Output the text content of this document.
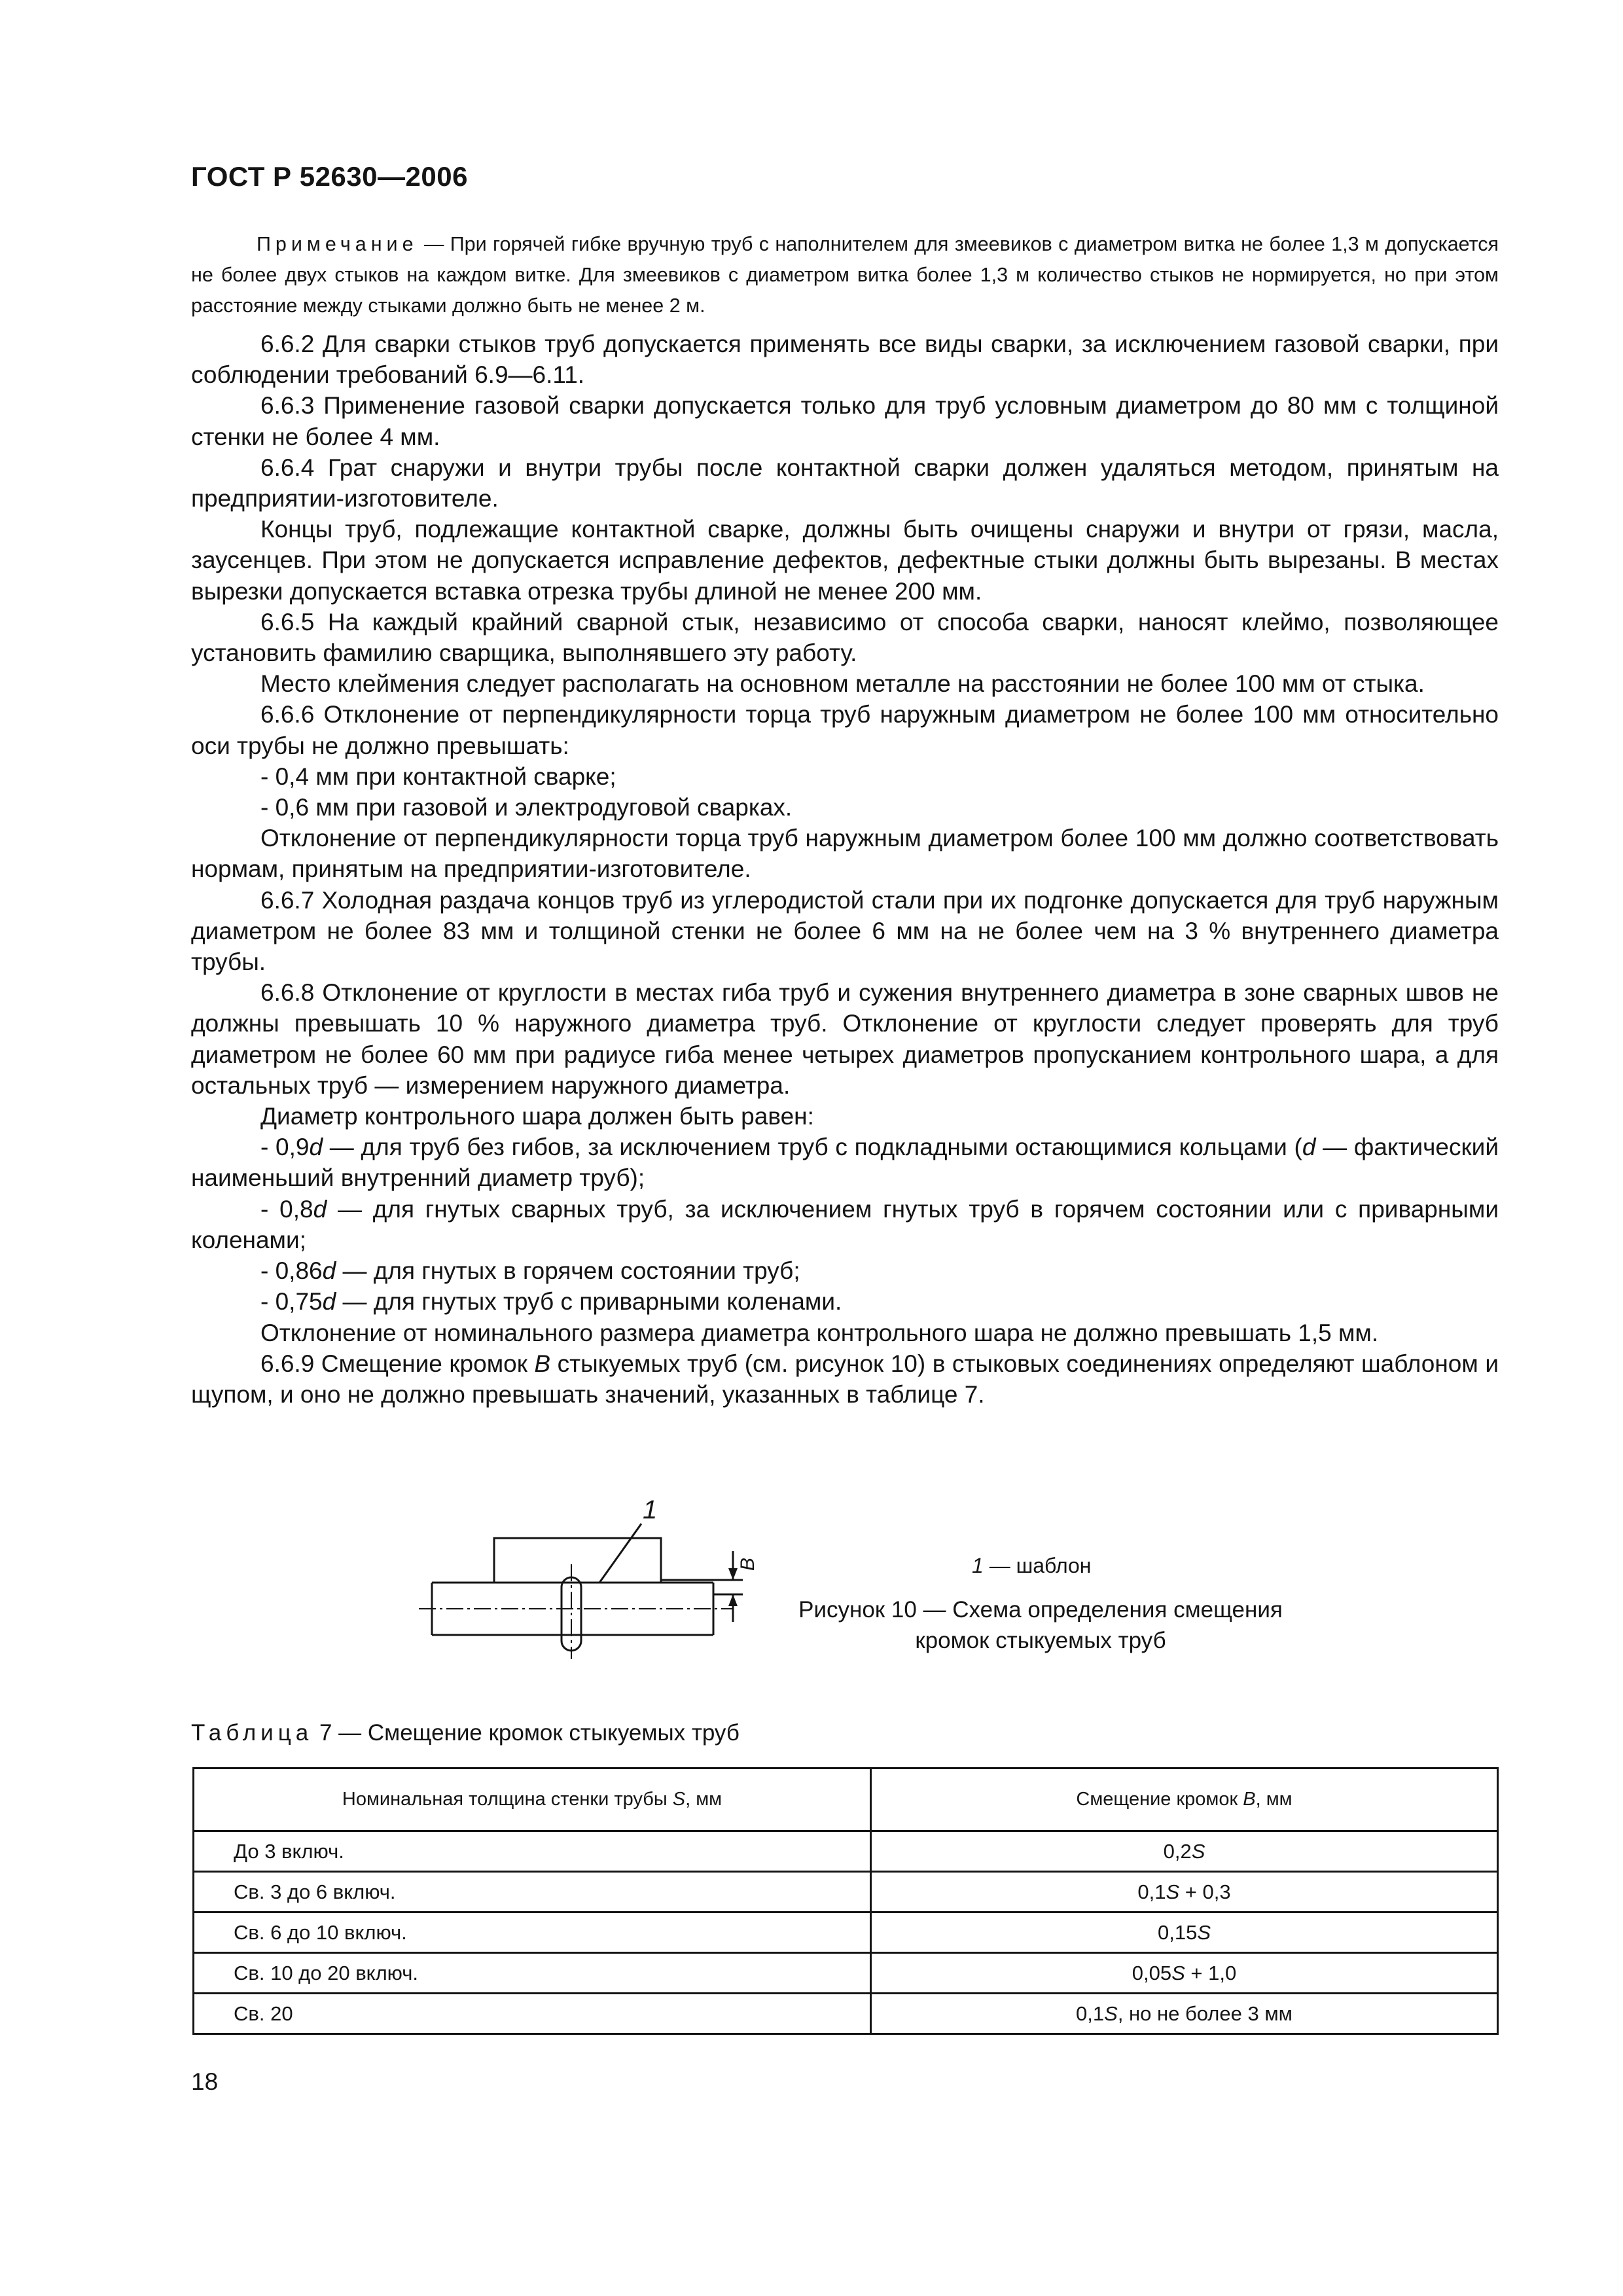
ГОСТ Р 52630—2006

Примечание — При горячей гибке вручную труб с наполнителем для змеевиков с диаметром витка не более 1,3 м допускается не более двух стыков на каждом витке. Для змеевиков с диаметром витка более 1,3 м количество стыков не нормируется, но при этом расстояние между стыками должно быть не менее 2 м.

6.6.2 Для сварки стыков труб допускается применять все виды сварки, за исключением газовой сварки, при соблюдении требований 6.9—6.11.

6.6.3 Применение газовой сварки допускается только для труб условным диаметром до 80 мм с толщиной стенки не более 4 мм.

6.6.4 Грат снаружи и внутри трубы после контактной сварки должен удаляться методом, принятым на предприятии-изготовителе.

Концы труб, подлежащие контактной сварке, должны быть очищены снаружи и внутри от грязи, масла, заусенцев. При этом не допускается исправление дефектов, дефектные стыки должны быть вырезаны. В местах вырезки допускается вставка отрезка трубы длиной не менее 200 мм.

6.6.5 На каждый крайний сварной стык, независимо от способа сварки, наносят клеймо, позволяющее установить фамилию сварщика, выполнявшего эту работу.

Место клеймения следует располагать на основном металле на расстоянии не более 100 мм от стыка.

6.6.6 Отклонение от перпендикулярности торца труб наружным диаметром не более 100 мм относительно оси трубы не должно превышать:

- 0,4 мм при контактной сварке;

- 0,6 мм при газовой и электродуговой сварках.

Отклонение от перпендикулярности торца труб наружным диаметром более 100 мм должно соответствовать нормам, принятым на предприятии-изготовителе.

6.6.7 Холодная раздача концов труб из углеродистой стали при их подгонке допускается для труб наружным диаметром не более 83 мм и толщиной стенки не более 6 мм на не более чем на 3 % внутреннего диаметра трубы.

6.6.8 Отклонение от круглости в местах гиба труб и сужения внутреннего диаметра в зоне сварных швов не должны превышать 10 % наружного диаметра труб. Отклонение от круглости следует проверять для труб диаметром не более 60 мм при радиусе гиба менее четырех диаметров пропусканием контрольного шара, а для остальных труб — измерением наружного диаметра.

Диаметр контрольного шара должен быть равен:

- 0,9d — для труб без гибов, за исключением труб с подкладными остающимися кольцами (d — фактический наименьший внутренний диаметр труб);

- 0,8d — для гнутых сварных труб, за исключением гнутых труб в горячем состоянии или с приварными коленами;

- 0,86d — для гнутых в горячем состоянии труб;

- 0,75d — для гнутых труб с приварными коленами.

Отклонение от номинального размера диаметра контрольного шара не должно превышать 1,5 мм.

6.6.9 Смещение кромок B стыкуемых труб (см. рисунок 10) в стыковых соединениях определяют шаблоном и щупом, и оно не должно превышать значений, указанных в таблице 7.

1
B	1 — шаблон
Рисунок 10 — Схема определения смещения кромок стыкуемых труб
Таблица 7 — Смещение кромок стыкуемых труб
Номинальная толщина стенки трубы S, мм	Смещение кромок B, мм
До 3 включ.	0,2S
Св. 3 до 6 включ.	0,1S + 0,3
Св. 6 до 10 включ.	0,15S
Св. 10 до 20 включ.	0,05S + 1,0
Св. 20	0,1S, но не более 3 мм
18
